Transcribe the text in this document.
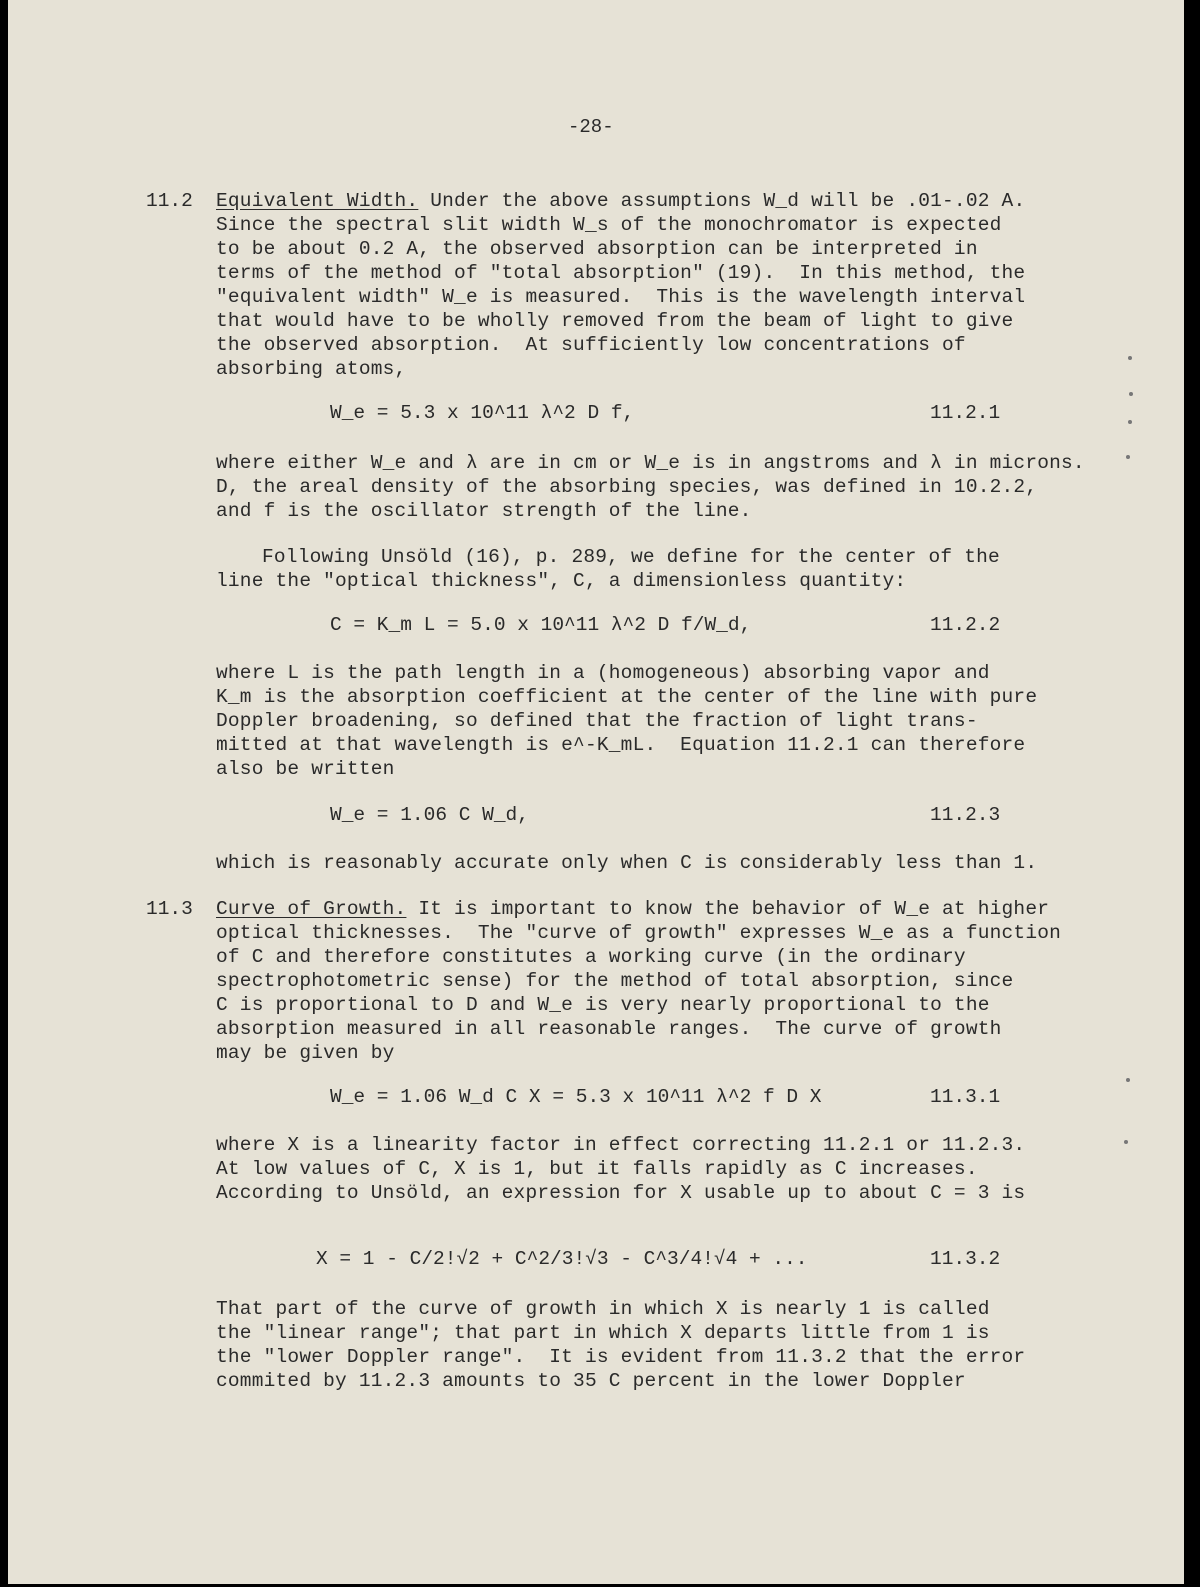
-28-
11.2 Equivalent Width. Under the above assumptions W_d will be .01-.02 A.
Since the spectral slit width W_s of the monochromator is expected
to be about 0.2 A, the observed absorption can be interpreted in
terms of the method of "total absorption" (19).  In this method, the
"equivalent width" W_e is measured.  This is the wavelength interval
that would have to be wholly removed from the beam of light to give
the observed absorption.  At sufficiently low concentrations of
absorbing atoms,
W_e = 5.3 x 10^11 λ^2 D f,	11.2.1
where either W_e and λ are in cm or W_e is in angstroms and λ in microns.
D, the areal density of the absorbing species, was defined in 10.2.2,
and f is the oscillator strength of the line.
Following Unsöld (16), p. 289, we define for the center of the
line the "optical thickness", C, a dimensionless quantity:
C = K_m L = 5.0 x 10^11 λ^2 D f/W_d,	11.2.2
where L is the path length in a (homogeneous) absorbing vapor and
K_m is the absorption coefficient at the center of the line with pure
Doppler broadening, so defined that the fraction of light trans-
mitted at that wavelength is e^-K_mL.  Equation 11.2.1 can therefore
also be written
W_e = 1.06 C W_d,	11.2.3
which is reasonably accurate only when C is considerably less than 1.
11.3 Curve of Growth. It is important to know the behavior of W_e at higher
optical thicknesses.  The "curve of growth" expresses W_e as a function
of C and therefore constitutes a working curve (in the ordinary
spectrophotometric sense) for the method of total absorption, since
C is proportional to D and W_e is very nearly proportional to the
absorption measured in all reasonable ranges.  The curve of growth
may be given by
W_e = 1.06 W_d C X = 5.3 x 10^11 λ^2 f D X	11.3.1
where X is a linearity factor in effect correcting 11.2.1 or 11.2.3.
At low values of C, X is 1, but it falls rapidly as C increases.
According to Unsöld, an expression for X usable up to about C = 3 is
X = 1 - C/2!√2 + C^2/3!√3 - C^3/4!√4 + ...	11.3.2
That part of the curve of growth in which X is nearly 1 is called
the "linear range"; that part in which X departs little from 1 is
the "lower Doppler range".  It is evident from 11.3.2 that the error
commited by 11.2.3 amounts to 35 C percent in the lower Doppler
